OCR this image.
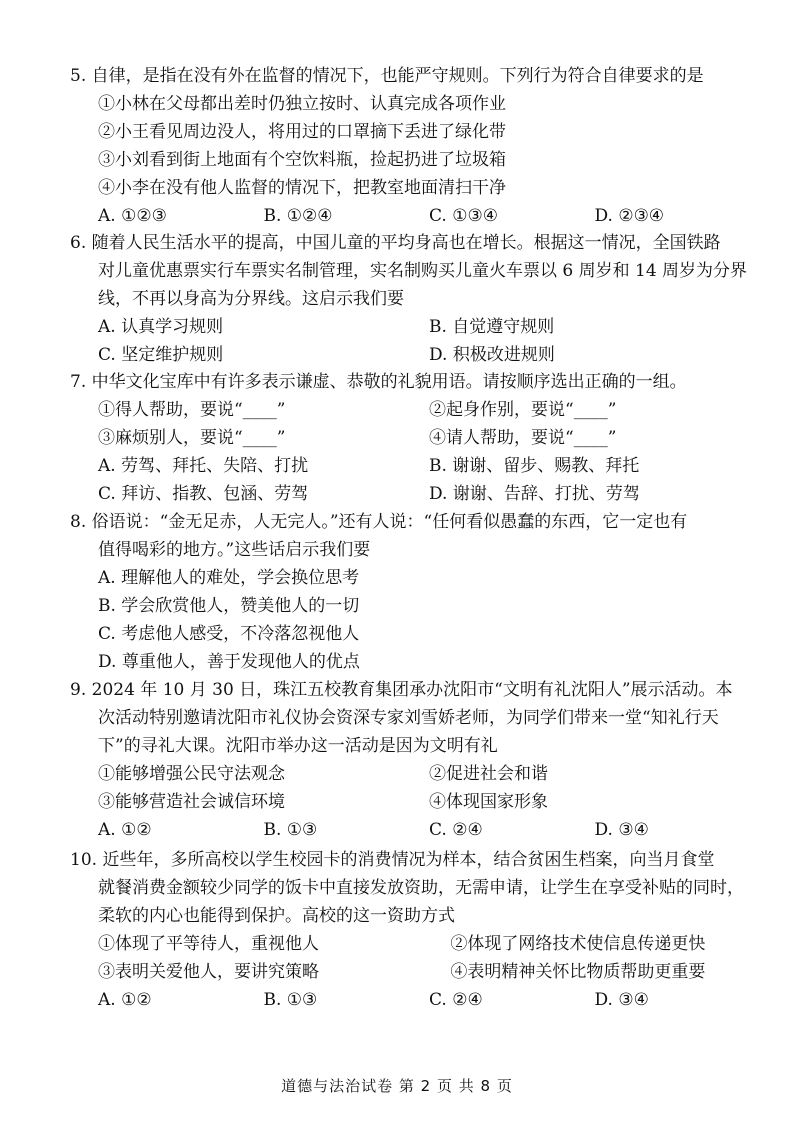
5. 自律，是指在没有外在监督的情况下，也能严守规则。下列行为符合自律要求的是
①小林在父母都出差时仍独立按时、认真完成各项作业
②小王看见周边没人，将用过的口罩摘下丢进了绿化带
③小刘看到街上地面有个空饮料瓶，捡起扔进了垃圾箱
④小李在没有他人监督的情况下，把教室地面清扫干净
A. ①②③	B. ①②④	C. ①③④	D. ②③④
6. 随着人民生活水平的提高，中国儿童的平均身高也在增长。根据这一情况，全国铁路
对儿童优惠票实行车票实名制管理，实名制购买儿童火车票以 6 周岁和 14 周岁为分界
线，不再以身高为分界线。这启示我们要
A. 认真学习规则	B. 自觉遵守规则
C. 坚定维护规则	D. 积极改进规则
7. 中华文化宝库中有许多表示谦虚、恭敬的礼貌用语。请按顺序选出正确的一组。
①得人帮助，要说“____”	②起身作别，要说“____”
③麻烦别人，要说“____”	④请人帮助，要说“____”
A. 劳驾、拜托、失陪、打扰	B. 谢谢、留步、赐教、拜托
C. 拜访、指教、包涵、劳驾	D. 谢谢、告辞、打扰、劳驾
8. 俗语说：“金无足赤，人无完人。”还有人说：“任何看似愚蠢的东西，它一定也有
值得喝彩的地方。”这些话启示我们要
A. 理解他人的难处，学会换位思考
B. 学会欣赏他人，赞美他人的一切
C. 考虑他人感受，不冷落忽视他人
D. 尊重他人，善于发现他人的优点
9. 2024 年 10 月 30 日，珠江五校教育集团承办沈阳市“文明有礼沈阳人”展示活动。本
次活动特别邀请沈阳市礼仪协会资深专家刘雪娇老师，为同学们带来一堂“知礼行天
下”的寻礼大课。沈阳市举办这一活动是因为文明有礼
①能够增强公民守法观念	②促进社会和谐
③能够营造社会诚信环境	④体现国家形象
A. ①②	B. ①③	C. ②④	D. ③④
10. 近些年，多所高校以学生校园卡的消费情况为样本，结合贫困生档案，向当月食堂
就餐消费金额较少同学的饭卡中直接发放资助，无需申请，让学生在享受补贴的同时，
柔软的内心也能得到保护。高校的这一资助方式
①体现了平等待人，重视他人	②体现了网络技术使信息传递更快
③表明关爱他人，要讲究策略	④表明精神关怀比物质帮助更重要
A. ①②	B. ①③	C. ②④	D. ③④
道德与法治试卷 第 2 页 共 8 页
